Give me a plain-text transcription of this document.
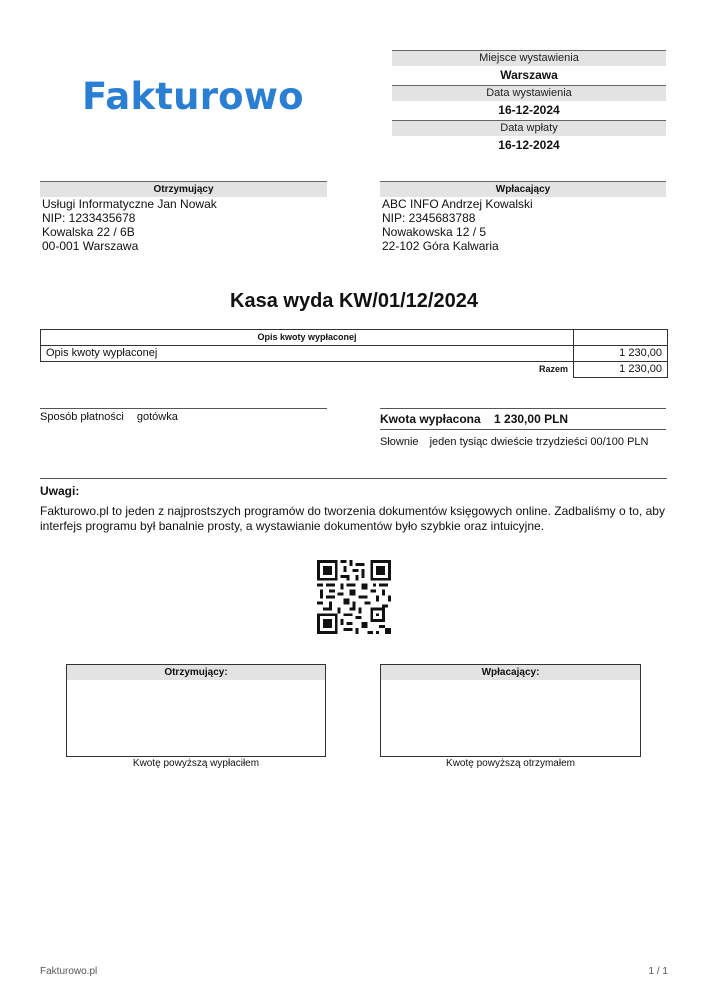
Fakturowo
Miejsce wystawienia
Warszawa
Data wystawienia
16-12-2024
Data wpłaty
16-12-2024
Otrzymujący
Usługi Informatyczne Jan Nowak
NIP: 1233435678
Kowalska 22 / 6B
00-001 Warszawa
Wpłacający
ABC INFO Andrzej Kowalski
NIP: 2345683788
Nowakowska 12 / 5
22-102 Góra Kalwaria
Kasa wyda KW/01/12/2024
Opis kwoty wypłaconej	
Opis kwoty wypłaconej	1 230,00
Razem	1 230,00
Sposób płatności gotówka	Kwota wypłacona 1 230,00 PLN
Słownie jeden tysiąc dwieście trzydzieści 00/100 PLN
Uwagi:
Fakturowo.pl to jeden z najprostszych programów do tworzenia dokumentów księgowych online. Zadbaliśmy o to, aby interfejs programu był banalnie prosty, a wystawianie dokumentów było szybkie oraz intuicyjne.
Otrzymujący:
Kwotę powyższą wypłaciłem
Wpłacający:
Kwotę powyższą otrzymałem
Fakturowo.pl	1 / 1
